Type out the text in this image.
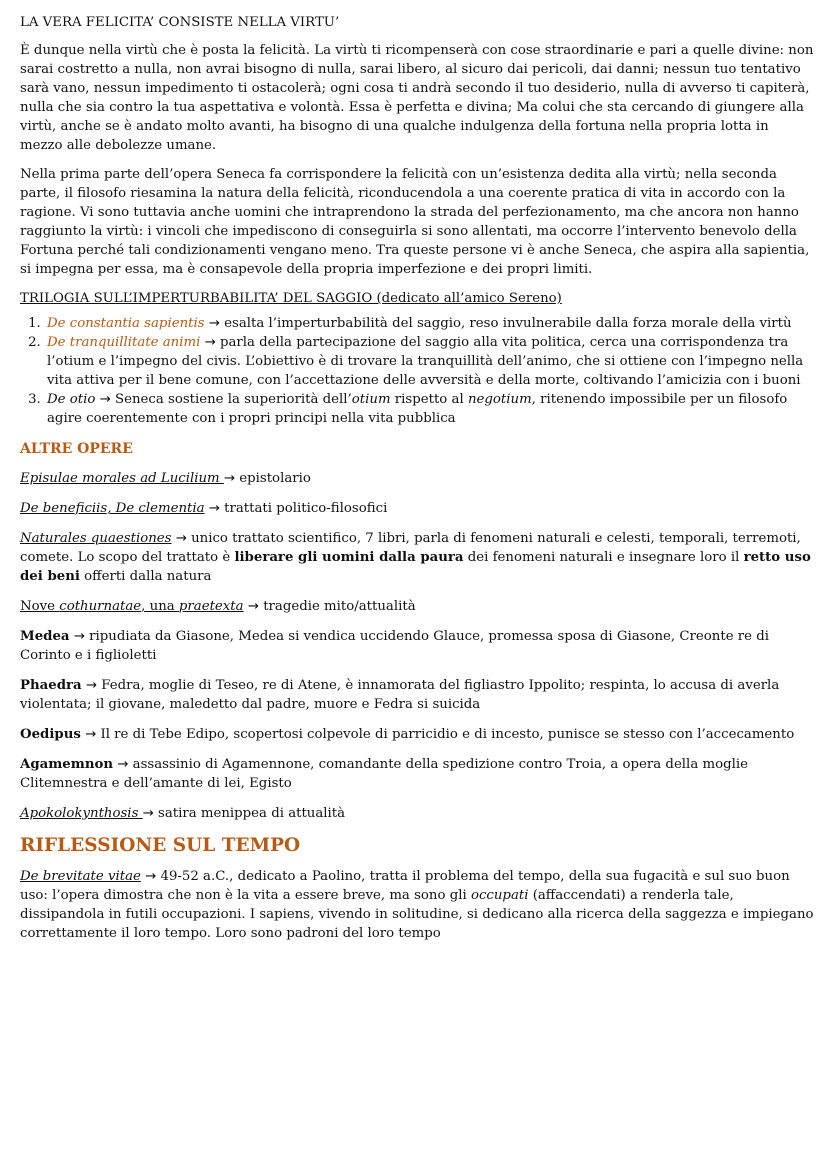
LA VERA FELICITA’ CONSISTE NELLA VIRTU’

È dunque nella virtù che è posta la felicità. La virtù ti ricompenserà con cose straordinarie e pari a quelle divine: non sarai costretto a nulla, non avrai bisogno di nulla, sarai libero, al sicuro dai pericoli, dai danni; nessun tuo tentativo sarà vano, nessun impedimento ti ostacolerà; ogni cosa ti andrà secondo il tuo desiderio, nulla di avverso ti capiterà, nulla che sia contro la tua aspettativa e volontà. Essa è perfetta e divina; Ma colui che sta cercando di giungere alla virtù, anche se è andato molto avanti, ha bisogno di una qualche indulgenza della fortuna nella propria lotta in mezzo alle debolezze umane.

Nella prima parte dell’opera Seneca fa corrispondere la felicità con un’esistenza dedita alla virtù; nella seconda parte, il filosofo riesamina la natura della felicità, riconducendola a una coerente pratica di vita in accordo con la ragione. Vi sono tuttavia anche uomini che intraprendono la strada del perfezionamento, ma che ancora non hanno raggiunto la virtù: i vincoli che impediscono di conseguirla si sono allentati, ma occorre l’intervento benevolo della Fortuna perché tali condizionamenti vengano meno. Tra queste persone vi è anche Seneca, che aspira alla sapientia, si impegna per essa, ma è consapevole della propria imperfezione e dei propri limiti.

TRILOGIA SULL’IMPERTURBABILITA’ DEL SAGGIO (dedicato all’amico Sereno)
1. De constantia sapientis → esalta l’imperturbabilità del saggio, reso invulnerabile dalla forza morale della virtù
2. De tranquillitate animi → parla della partecipazione del saggio alla vita politica, cerca una corrispondenza tra l’otium e l’impegno del civis. L’obiettivo è di trovare la tranquillità dell’animo, che si ottiene con l’impegno nella vita attiva per il bene comune, con l’accettazione delle avversità e della morte, coltivando l’amicizia con i buoni
3. De otio → Seneca sostiene la superiorità dell’otium rispetto al negotium, ritenendo impossibile per un filosofo agire coerentemente con i propri principi nella vita pubblica
ALTRE OPERE

Episulae morales ad Lucilium → epistolario

De beneficiis, De clementia → trattati politico-filosofici

Naturales quaestiones → unico trattato scientifico, 7 libri, parla di fenomeni naturali e celesti, temporali, terremoti, comete. Lo scopo del trattato è liberare gli uomini dalla paura dei fenomeni naturali e insegnare loro il retto uso dei beni offerti dalla natura

Nove cothurnatae, una praetexta → tragedie mito/attualità

Medea → ripudiata da Giasone, Medea si vendica uccidendo Glauce, promessa sposa di Giasone, Creonte re di Corinto e i figlioletti

Phaedra → Fedra, moglie di Teseo, re di Atene, è innamorata del figliastro Ippolito; respinta, lo accusa di averla violentata; il giovane, maledetto dal padre, muore e Fedra si suicida

Oedipus → Il re di Tebe Edipo, scopertosi colpevole di parricidio e di incesto, punisce se stesso con l’accecamento

Agamemnon → assassinio di Agamennone, comandante della spedizione contro Troia, a opera della moglie Clitemnestra e dell’amante di lei, Egisto

Apokolokynthosis → satira menippea di attualità

RIFLESSIONE SUL TEMPO

De brevitate vitae → 49-52 a.C., dedicato a Paolino, tratta il problema del tempo, della sua fugacità e sul suo buon uso: l’opera dimostra che non è la vita a essere breve, ma sono gli occupati (affaccendati) a renderla tale, dissipandola in futili occupazioni. I sapiens, vivendo in solitudine, si dedicano alla ricerca della saggezza e impiegano correttamente il loro tempo. Loro sono padroni del loro tempo
